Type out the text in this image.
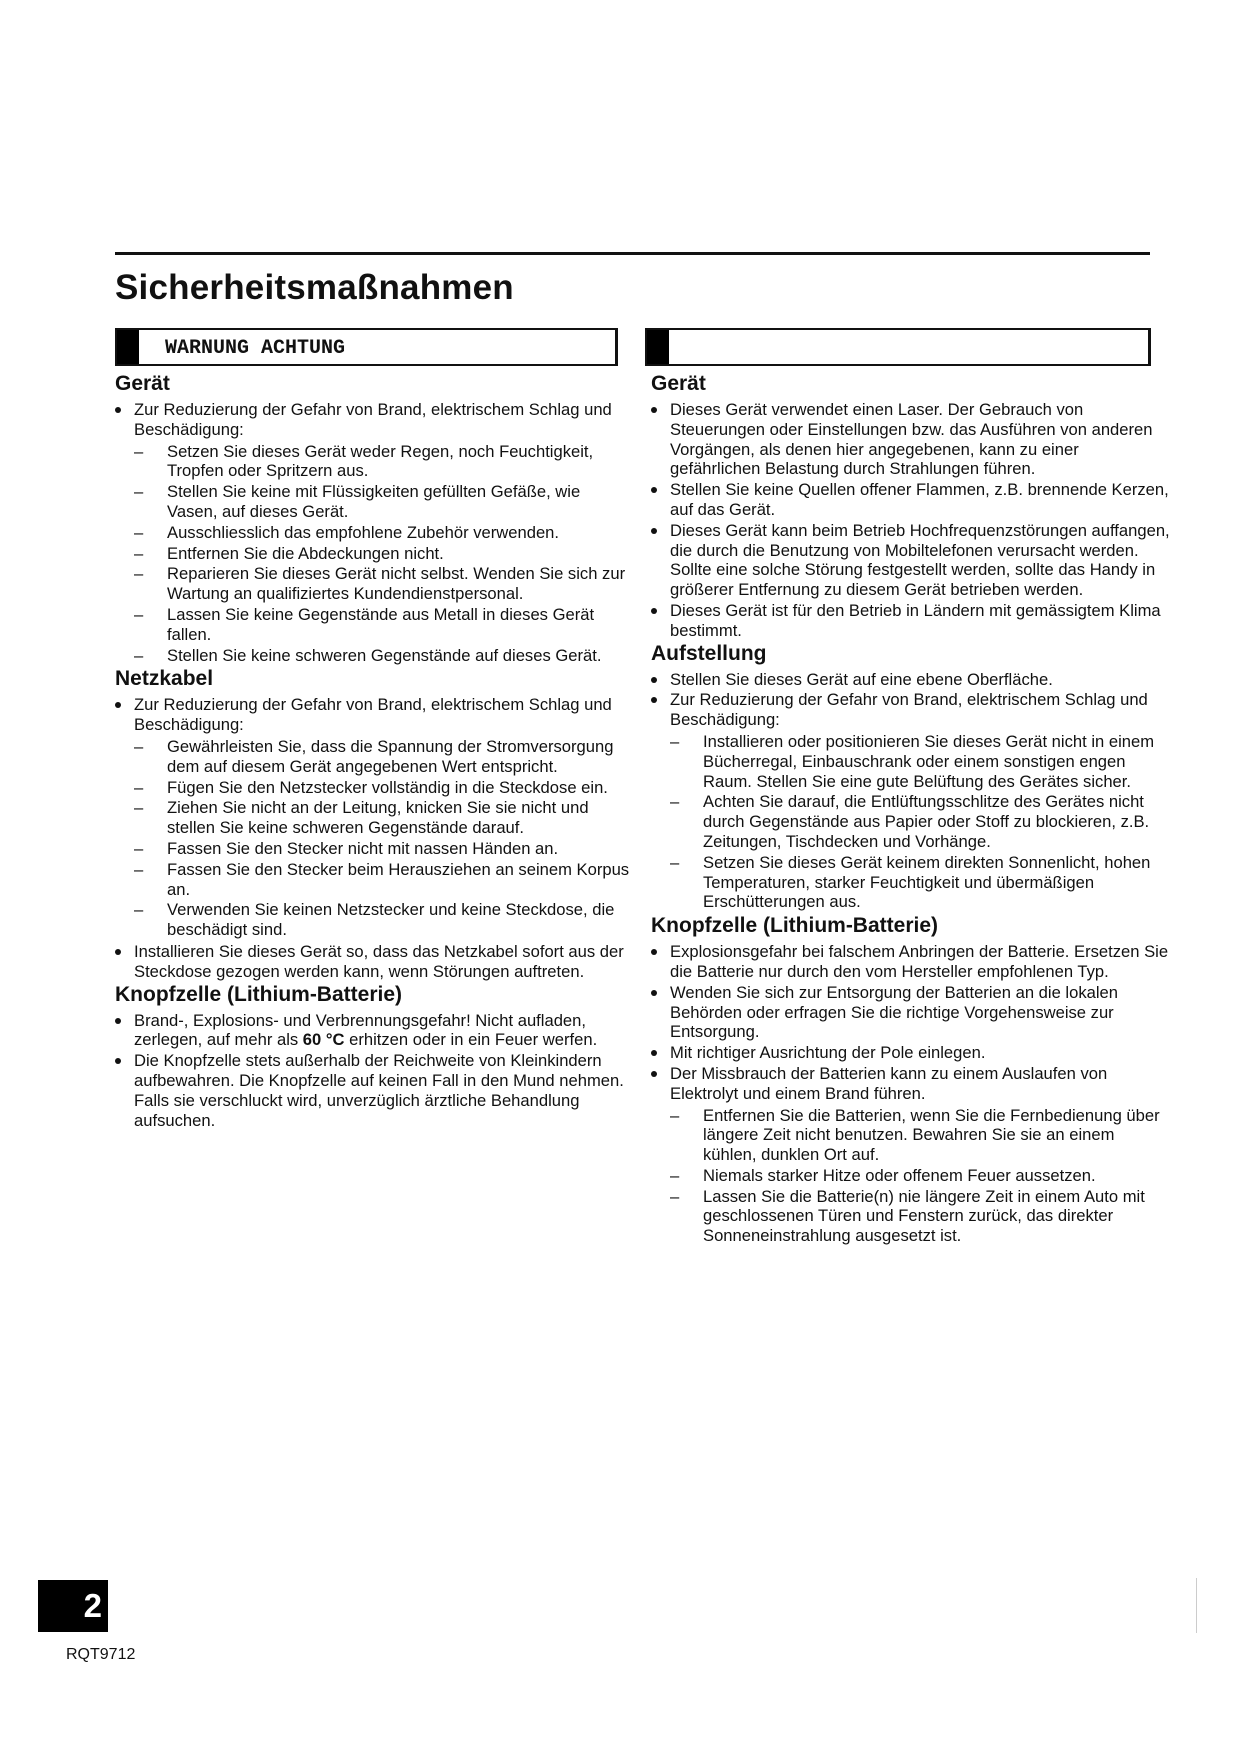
Sicherheitsmaßnahmen
WARNUNG ACHTUNG
Gerät
Zur Reduzierung der Gefahr von Brand, elektrischem Schlag und Beschädigung:
– Setzen Sie dieses Gerät weder Regen, noch Feuchtigkeit, Tropfen oder Spritzern aus.
– Stellen Sie keine mit Flüssigkeiten gefüllten Gefäße, wie Vasen, auf dieses Gerät.
– Ausschliesslich das empfohlene Zubehör verwenden.
– Entfernen Sie die Abdeckungen nicht.
– Reparieren Sie dieses Gerät nicht selbst. Wenden Sie sich zur Wartung an qualifiziertes Kundendienstpersonal.
– Lassen Sie keine Gegenstände aus Metall in dieses Gerät fallen.
– Stellen Sie keine schweren Gegenstände auf dieses Gerät.
Netzkabel
Zur Reduzierung der Gefahr von Brand, elektrischem Schlag und Beschädigung:
– Gewährleisten Sie, dass die Spannung der Stromversorgung dem auf diesem Gerät angegebenen Wert entspricht.
– Fügen Sie den Netzstecker vollständig in die Steckdose ein.
– Ziehen Sie nicht an der Leitung, knicken Sie sie nicht und stellen Sie keine schweren Gegenstände darauf.
– Fassen Sie den Stecker nicht mit nassen Händen an.
– Fassen Sie den Stecker beim Herausziehen an seinem Korpus an.
– Verwenden Sie keinen Netzstecker und keine Steckdose, die beschädigt sind.
Installieren Sie dieses Gerät so, dass das Netzkabel sofort aus der Steckdose gezogen werden kann, wenn Störungen auftreten.
Knopfzelle (Lithium-Batterie)
Brand-, Explosions- und Verbrennungsgefahr! Nicht aufladen, zerlegen, auf mehr als 60 °C erhitzen oder in ein Feuer werfen.
Die Knopfzelle stets außerhalb der Reichweite von Kleinkindern aufbewahren. Die Knopfzelle auf keinen Fall in den Mund nehmen. Falls sie verschluckt wird, unverzüglich ärztliche Behandlung aufsuchen.
Gerät
Dieses Gerät verwendet einen Laser. Der Gebrauch von Steuerungen oder Einstellungen bzw. das Ausführen von anderen Vorgängen, als denen hier angegebenen, kann zu einer gefährlichen Belastung durch Strahlungen führen.
Stellen Sie keine Quellen offener Flammen, z.B. brennende Kerzen, auf das Gerät.
Dieses Gerät kann beim Betrieb Hochfrequenzstörungen auffangen, die durch die Benutzung von Mobiltelefonen verursacht werden. Sollte eine solche Störung festgestellt werden, sollte das Handy in größerer Entfernung zu diesem Gerät betrieben werden.
Dieses Gerät ist für den Betrieb in Ländern mit gemässigtem Klima bestimmt.
Aufstellung
Stellen Sie dieses Gerät auf eine ebene Oberfläche.
Zur Reduzierung der Gefahr von Brand, elektrischem Schlag und Beschädigung:
– Installieren oder positionieren Sie dieses Gerät nicht in einem Bücherregal, Einbauschrank oder einem sonstigen engen Raum. Stellen Sie eine gute Belüftung des Gerätes sicher.
– Achten Sie darauf, die Entlüftungsschlitze des Gerätes nicht durch Gegenstände aus Papier oder Stoff zu blockieren, z.B. Zeitungen, Tischdecken und Vorhänge.
– Setzen Sie dieses Gerät keinem direkten Sonnenlicht, hohen Temperaturen, starker Feuchtigkeit und übermäßigen Erschütterungen aus.
Knopfzelle (Lithium-Batterie)
Explosionsgefahr bei falschem Anbringen der Batterie. Ersetzen Sie die Batterie nur durch den vom Hersteller empfohlenen Typ.
Wenden Sie sich zur Entsorgung der Batterien an die lokalen Behörden oder erfragen Sie die richtige Vorgehensweise zur Entsorgung.
Mit richtiger Ausrichtung der Pole einlegen.
Der Missbrauch der Batterien kann zu einem Auslaufen von Elektrolyt und einem Brand führen.
– Entfernen Sie die Batterien, wenn Sie die Fernbedienung über längere Zeit nicht benutzen. Bewahren Sie sie an einem kühlen, dunklen Ort auf.
– Niemals starker Hitze oder offenem Feuer aussetzen.
– Lassen Sie die Batterie(n) nie längere Zeit in einem Auto mit geschlossenen Türen und Fenstern zurück, das direkter Sonneneinstrahlung ausgesetzt ist.
2
RQT9712
